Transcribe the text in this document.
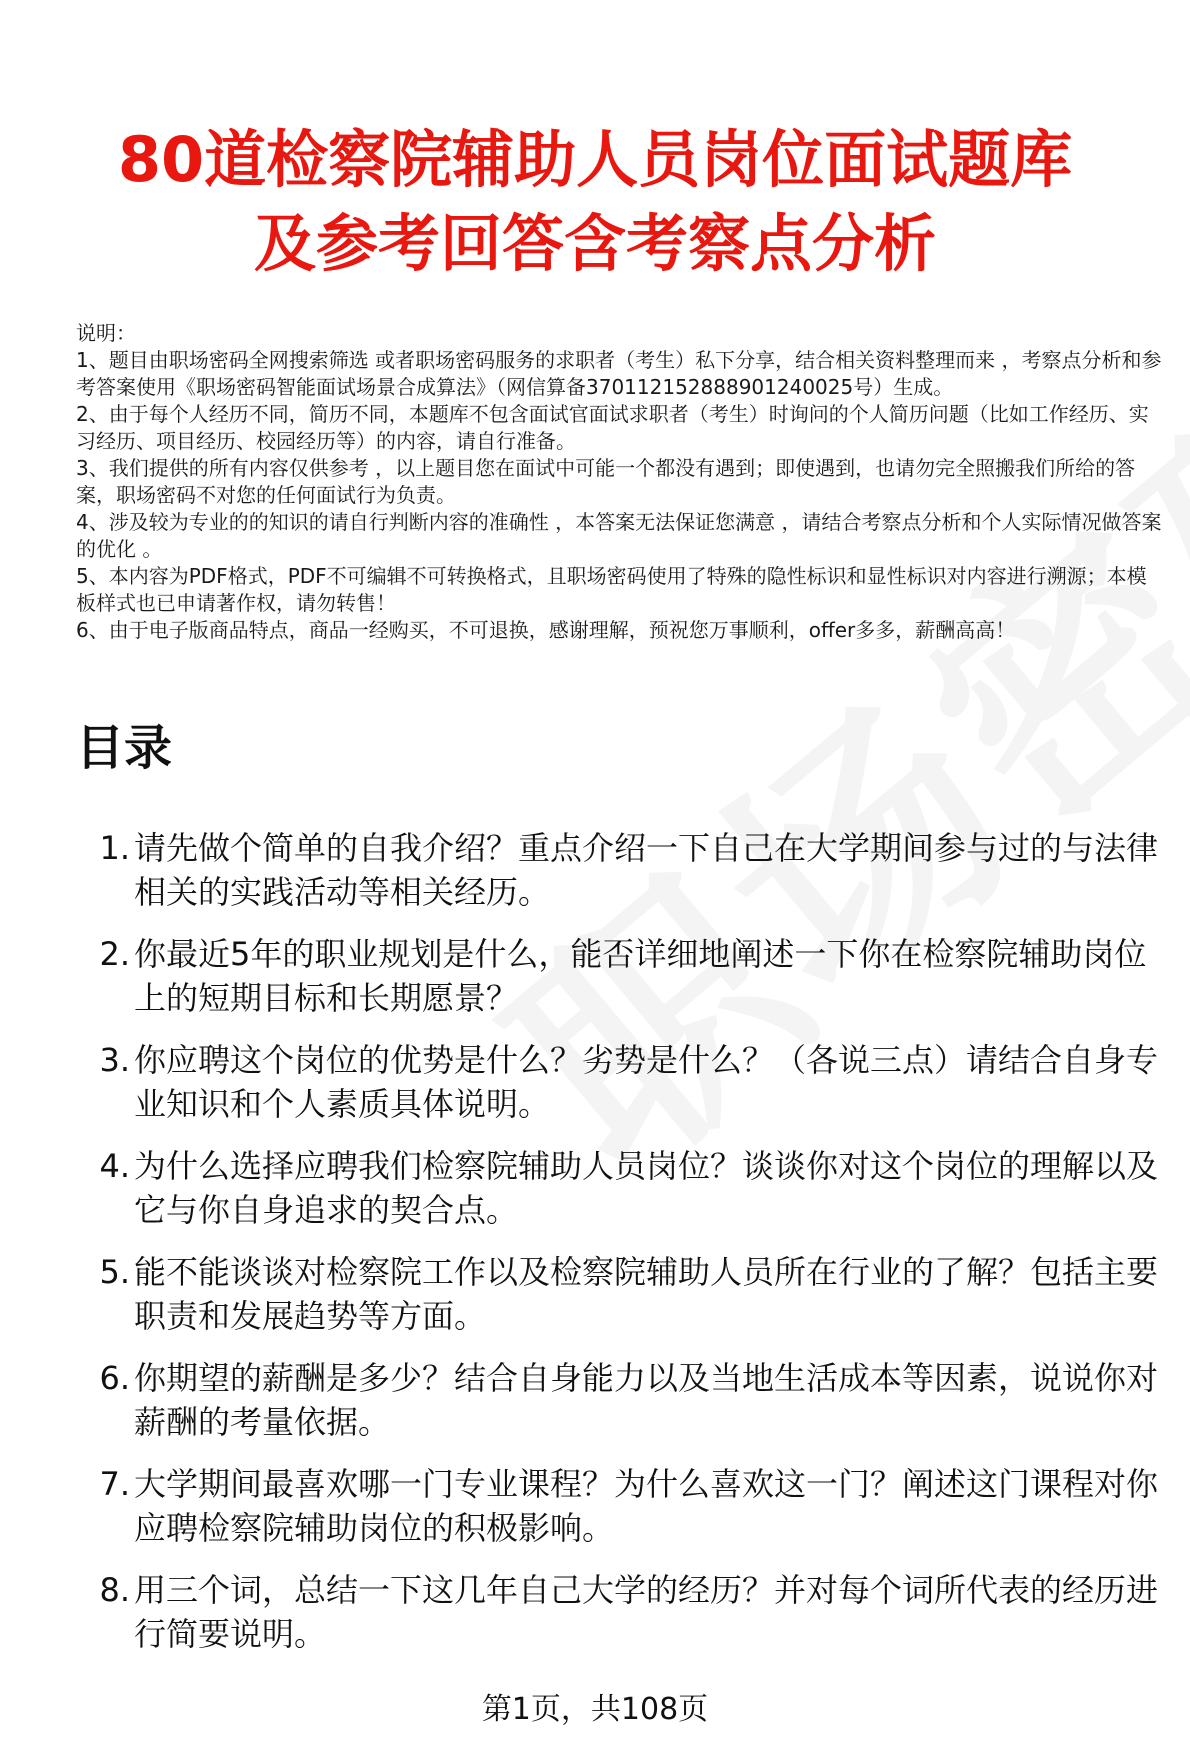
80道检察院辅助人员岗位面试题库
及参考回答含考察点分析

说明：

1、题目由职场密码全网搜索筛选 或者职场密码服务的求职者（考生）私下分享，结合相关资料整理而来 ，考察点分析和参考答案使用《职场密码智能面试场景合成算法》（网信算备370112152888901240025号）生成。

2、由于每个人经历不同，简历不同，本题库不包含面试官面试求职者（考生）时询问的个人简历问题（比如工作经历、实习经历、项目经历、校园经历等）的内容，请自行准备。

3、我们提供的所有内容仅供参考 ，以上题目您在面试中可能一个都没有遇到；即使遇到，也请勿完全照搬我们所给的答案，职场密码不对您的任何面试行为负责。

4、涉及较为专业的的知识的请自行判断内容的准确性 ，本答案无法保证您满意 ，请结合考察点分析和个人实际情况做答案的优化 。

5、本内容为PDF格式，PDF不可编辑不可转换格式，且职场密码使用了特殊的隐性标识和显性标识对内容进行溯源；本模板样式也已申请著作权，请勿转售！

6、由于电子版商品特点，商品一经购买，不可退换，感谢理解，预祝您万事顺利，offer多多，薪酬高高！

目录
1. 请先做个简单的自我介绍？重点介绍一下自己在大学期间参与过的与法律相关的实践活动等相关经历。
2. 你最近5年的职业规划是什么，能否详细地阐述一下你在检察院辅助岗位上的短期目标和长期愿景？
3. 你应聘这个岗位的优势是什么？劣势是什么？（各说三点）请结合自身专业知识和个人素质具体说明。
4. 为什么选择应聘我们检察院辅助人员岗位？谈谈你对这个岗位的理解以及它与你自身追求的契合点。
5. 能不能谈谈对检察院工作以及检察院辅助人员所在行业的了解？包括主要职责和发展趋势等方面。
6. 你期望的薪酬是多少？结合自身能力以及当地生活成本等因素，说说你对薪酬的考量依据。
7. 大学期间最喜欢哪一门专业课程？为什么喜欢这一门？阐述这门课程对你应聘检察院辅助岗位的积极影响。
8. 用三个词，总结一下这几年自己大学的经历？并对每个词所代表的经历进行简要说明。
第1页，共108页
